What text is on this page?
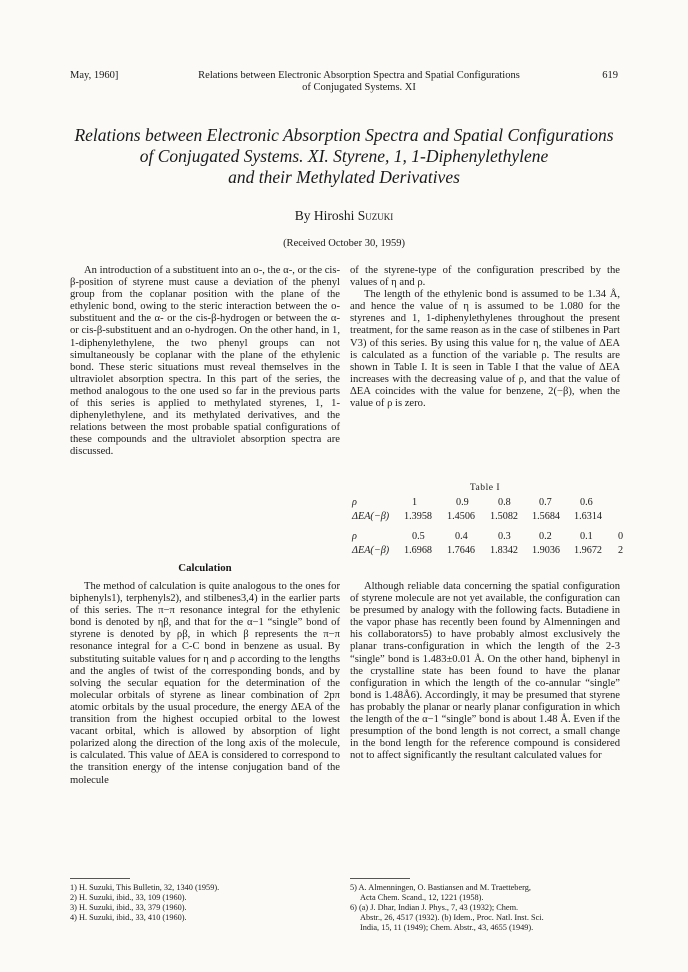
May, 1960]	Relations between Electronic Absorption Spectra and Spatial Configurations
of Conjugated Systems. XI
619
Relations between Electronic Absorption Spectra and Spatial Configurations
of Conjugated Systems. XI. Styrene, 1, 1-Diphenylethylene
and their Methylated Derivatives
By Hiroshi Suzuki
(Received October 30, 1959)

An introduction of a substituent into an o-, the α-, or the cis-β-position of styrene must cause a deviation of the phenyl group from the coplanar position with the plane of the ethylenic bond, owing to the steric interaction between the o-substituent and the α- or the cis-β-hydrogen or between the α- or cis-β-substituent and an o-hydrogen. On the other hand, in 1, 1-diphenylethylene, the two phenyl groups can not simultaneously be coplanar with the plane of the ethylenic bond. These steric situations must reveal themselves in the ultraviolet absorption spectra. In this part of the series, the method analogous to the one used so far in the previous parts of this series is applied to methylated styrenes, 1, 1-diphenylethylene, and its methylated derivatives, and the relations between the most probable spatial configurations of these compounds and the ultraviolet absorption spectra are discussed.

of the styrene-type of the configuration prescribed by the values of η and ρ.

The length of the ethylenic bond is assumed to be 1.34 Å, and hence the value of η is assumed to be 1.080 for the styrenes and 1, 1-diphenylethylenes throughout the present treatment, for the same reason as in the case of stilbenes in Part V3) of this series. By using this value for η, the value of ΔEA is calculated as a function of the variable ρ. The results are shown in Table I. It is seen in Table I that the value of ΔEA increases with the decreasing value of ρ, and that the value of ΔEA coincides with the value for benzene, 2(−β), when the value of ρ is zero.

Table I
ρ	1	0.9	0.8	0.7	0.6
ΔEA(−β) 1.3958 1.4506 1.5082 1.5684 1.6314
ρ	0.5	0.4	0.3	0.2	0.1 0
ΔEA(−β) 1.6968 1.7646 1.8342 1.9036 1.9672 2
Calculation

The method of calculation is quite analogous to the ones for biphenyls1), terphenyls2), and stilbenes3,4) in the earlier parts of this series. The π−π resonance integral for the ethylenic bond is denoted by ηβ, and that for the α−1 “single” bond of styrene is denoted by ρβ, in which β represents the π−π resonance integral for a C-C bond in benzene as usual. By substituting suitable values for η and ρ according to the lengths and the angles of twist of the corresponding bonds, and by solving the secular equation for the determination of the molecular orbitals of styrene as linear combination of 2pπ atomic orbitals by the usual procedure, the energy ΔEA of the transition from the highest occupied orbital to the lowest vacant orbital, which is allowed by absorption of light polarized along the direction of the long axis of the molecule, is calculated. This value of ΔEA is considered to correspond to the transition energy of the intense conjugation band of the molecule

Although reliable data concerning the spatial configuration of styrene molecule are not yet available, the configuration can be presumed by analogy with the following facts. Butadiene in the vapor phase has recently been found by Almenningen and his collaborators5) to have probably almost exclusively the planar trans-configuration in which the length of the 2-3 “single” bond is 1.483±0.01 Å. On the other hand, biphenyl in the crystalline state has been found to have the planar configuration in which the length of the co-annular “single” bond is 1.48Å6). Accordingly, it may be presumed that styrene has probably the planar or nearly planar configuration in which the length of the α−1 “single” bond is about 1.48 Å. Even if the presumption of the bond length is not correct, a small change in the bond length for the reference compound is considered not to affect significantly the resultant calculated values for

1) H. Suzuki, This Bulletin, 32, 1340 (1959).
2) H. Suzuki, ibid., 33, 109 (1960).
3) H. Suzuki, ibid., 33, 379 (1960).
4) H. Suzuki, ibid., 33, 410 (1960).
5) A. Almenningen, O. Bastiansen and M. Traetteberg,
Acta Chem. Scand., 12, 1221 (1958).
6) (a) J. Dhar, Indian J. Phys., 7, 43 (1932); Chem.
Abstr., 26, 4517 (1932). (b) Idem., Proc. Natl. Inst. Sci.
India, 15, 11 (1949); Chem. Abstr., 43, 4655 (1949).
